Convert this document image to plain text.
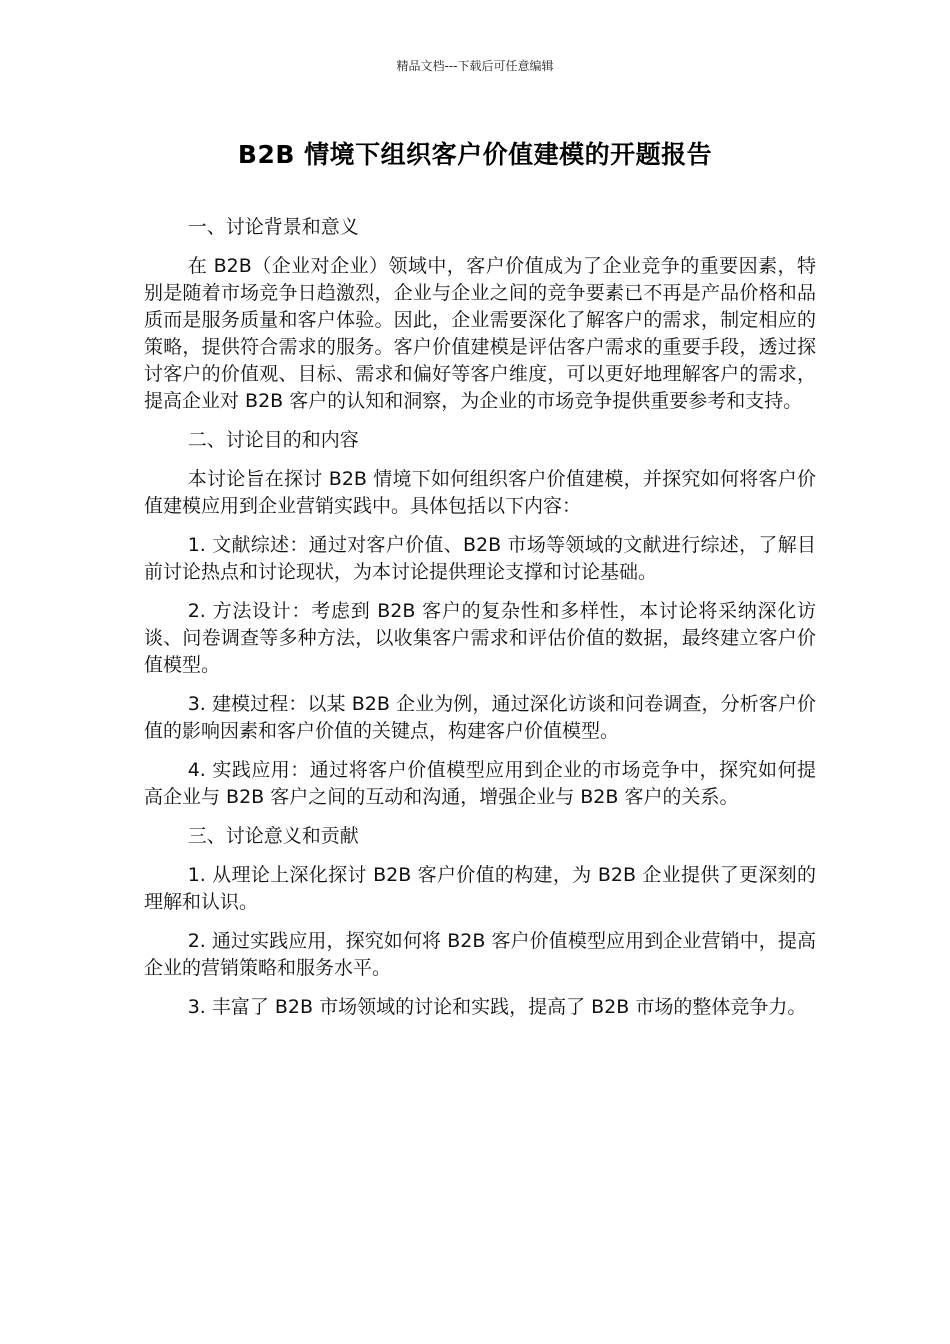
精品文档---下载后可任意编辑
B2B 情境下组织客户价值建模的开题报告

一、讨论背景和意义

在 B2B（企业对企业）领域中，客户价值成为了企业竞争的重要因素，特别是随着市场竞争日趋激烈，企业与企业之间的竞争要素已不再是产品价格和品质而是服务质量和客户体验。因此，企业需要深化了解客户的需求，制定相应的策略，提供符合需求的服务。客户价值建模是评估客户需求的重要手段，透过探讨客户的价值观、目标、需求和偏好等客户维度，可以更好地理解客户的需求，提高企业对 B2B 客户的认知和洞察，为企业的市场竞争提供重要参考和支持。

二、讨论目的和内容

本讨论旨在探讨 B2B 情境下如何组织客户价值建模，并探究如何将客户价值建模应用到企业营销实践中。具体包括以下内容：

1. 文献综述：通过对客户价值、B2B 市场等领域的文献进行综述，了解目前讨论热点和讨论现状，为本讨论提供理论支撑和讨论基础。

2. 方法设计：考虑到 B2B 客户的复杂性和多样性，本讨论将采纳深化访谈、问卷调查等多种方法，以收集客户需求和评估价值的数据，最终建立客户价值模型。

3. 建模过程：以某 B2B 企业为例，通过深化访谈和问卷调查，分析客户价值的影响因素和客户价值的关键点，构建客户价值模型。

4. 实践应用：通过将客户价值模型应用到企业的市场竞争中，探究如何提高企业与 B2B 客户之间的互动和沟通，增强企业与 B2B 客户的关系。

三、讨论意义和贡献

1. 从理论上深化探讨 B2B 客户价值的构建，为 B2B 企业提供了更深刻的理解和认识。

2. 通过实践应用，探究如何将 B2B 客户价值模型应用到企业营销中，提高企业的营销策略和服务水平。

3. 丰富了 B2B 市场领域的讨论和实践，提高了 B2B 市场的整体竞争力。
